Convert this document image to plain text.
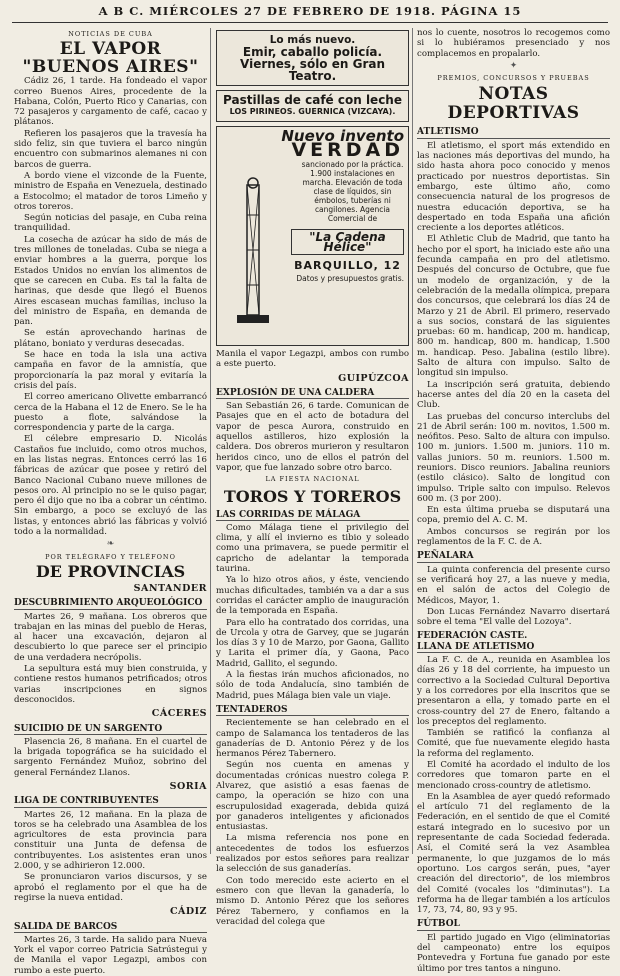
A B C. MIÉRCOLES 27 DE FEBRERO DE 1918. PÁGINA 15
NOTICIAS DE CUBA
EL VAPOR "BUENOS AIRES"

Cádiz 26, 1 tarde. Ha fondeado el vapor correo Buenos Aires, procedente de la Habana, Colón, Puerto Rico y Canarias, con 72 pasajeros y cargamento de café, cacao y plátanos.

Refieren los pasajeros que la travesía ha sido feliz, sin que tuviera el barco ningún encuentro con submarinos alemanes ni con barcos de guerra.

A bordo viene el vizconde de la Fuente, ministro de España en Venezuela, destinado a Estocolmo; el matador de toros Limeño y otros toreros.

Según noticias del pasaje, en Cuba reina tranquilidad.

La cosecha de azúcar ha sido de más de tres millones de toneladas. Cuba se niega a enviar hombres a la guerra, porque los Estados Unidos no envían los alimentos de que se carecen en Cuba. Es tal la falta de harinas, que desde que llegó el Buenos Aires escasean muchas familias, incluso la del ministro de España, en demanda de pan.

Se están aprovechando harinas de plátano, boniato y verduras desecadas.

Se hace en toda la isla una activa campaña en favor de la amnistía, que proporcionaría la paz moral y evitaría la crisis del país.

El correo americano Olivette embarrancó cerca de la Habana el 12 de Enero. Se le ha puesto a flote, salvándose la correspondencia y parte de la carga.

El célebre empresario D. Nicolás Castaños fue incluido, como otros muchos, en las listas negras. Entonces cerró las 16 fábricas de azúcar que posee y retiró del Banco Nacional Cubano nueve millones de pesos oro. Al principio no se le quiso pagar, pero él dijo que no iba a cobrar un céntimo. Sin embargo, a poco se excluyó de las listas, y entonces abrió las fábricas y volvió todo a la normalidad.

❧
POR TELÉGRAFO Y TELÉFONO
DE PROVINCIAS
SANTANDER
DESCUBRIMIENTO ARQUEOLÓGICO

Martes 26, 9 mañana. Los obreros que trabajan en las minas del pueblo de Heras, al hacer una excavación, dejaron al descubierto lo que parece ser el principio de una verdadera necrópolis.

La sepultura está muy bien construida, y contiene restos humanos petrificados; otros varias inscripciones en signos desconocidos.

CÁCERES
SUICIDIO DE UN SARGENTO

Plasencia 26, 8 mañana. En el cuartel de la brigada topográfica se ha suicidado el sargento Fernández Muñoz, sobrino del general Fernández Llanos.

SORIA
LIGA DE CONTRIBUYENTES

Martes 26, 12 mañana. En la plaza de toros se ha celebrado una Asamblea de los agricultores de esta provincia para constituir una Junta de defensa de contribuyentes. Los asistentes eran unos 2.000, y se adhirieron 12.000.

Se pronunciaron varios discursos, y se aprobó el reglamento por el que ha de regirse la nueva entidad.

CÁDIZ
SALIDA DE BARCOS

Martes 26, 3 tarde. Ha salido para Nueva York el vapor correo Patricia Satrústegui y de Manila el vapor Legazpi, ambos con rumbo a este puerto.

Lo más nuevo.
Emir, caballo policía.
Viernes, sólo en Gran Teatro.
Pastillas de café con leche
LOS PIRINEOS. GUERNICA (VIZCAYA).
Nuevo invento
VERDAD
sancionado por la práctica. 1.900 instalaciones en marcha. Elevación de toda clase de líquidos, sin émbolos, tuberías ni cangilones. Agencia Comercial de
"La Cadena Hélice"
BARQUILLO, 12
Datos y presupuestos gratis.

Manila el vapor Legazpi, ambos con rumbo a este puerto.

GUIPÚZCOA
EXPLOSIÓN DE UNA CALDERA

San Sebastián 26, 6 tarde. Comunican de Pasajes que en el acto de botadura del vapor de pesca Aurora, construido en aquellos astilleros, hizo explosión la caldera. Dos obreros murieron y resultaron heridos cinco, uno de ellos el patrón del vapor, que fue lanzado sobre otro barco.

LA FIESTA NACIONAL
TOROS Y TOREROS
LAS CORRIDAS DE MÁLAGA

Como Málaga tiene el privilegio del clima, y allí el invierno es tibio y soleado como una primavera, se puede permitir el capricho de adelantar la temporada taurina.

Ya lo hizo otros años, y éste, venciendo muchas dificultades, también va a dar a sus corridas el carácter amplio de inauguración de la temporada en España.

Para ello ha contratado dos corridas, una de Urcola y otra de Garvey, que se jugarán los días 3 y 10 de Marzo, por Gaona, Gallito y Larita el primer día, y Gaona, Paco Madrid, Gallito, el segundo.

A la fiestas irán muchos aficionados, no sólo de toda Andalucía, sino también de Madrid, pues Málaga bien vale un viaje.

TENTADEROS

Recientemente se han celebrado en el campo de Salamanca los tentaderos de las ganaderías de D. Antonio Pérez y de los hermanos Pérez Tabernero.

Según nos cuenta en amenas y documentadas crónicas nuestro colega P. Alvarez, que asistió a esas faenas de campo, la operación se hizo con una escrupulosidad exagerada, debida quizá por ganaderos inteligentes y aficionados entusiastas.

La misma referencia nos pone en antecedentes de todos los esfuerzos realizados por estos señores para realizar la selección de sus ganaderías.

Con todo merecido este acierto en el esmero con que llevan la ganadería, lo mismo D. Antonio Pérez que los señores Pérez Tabernero, y confiamos en la veracidad del colega que

nos lo cuente, nosotros lo recogemos como si lo hubiéramos presenciado y nos complacemos en propalarlo.

✦
PREMIOS, CONCURSOS Y PRUEBAS
NOTAS DEPORTIVAS
ATLETISMO

El atletismo, el sport más extendido en las naciones más deportivas del mundo, ha sido hasta ahora poco conocido y menos practicado por nuestros deportistas. Sin embargo, este último año, como consecuencia natural de los progresos de nuestra educación deportiva, se ha despertado en toda España una afición creciente a los deportes atléticos.

El Athletic Club de Madrid, que tanto ha hecho por el sport, ha iniciado este año una fecunda campaña en pro del atletismo. Después del concurso de Octubre, que fue un modelo de organización, y de la celebración de la medalla olímpica, prepara dos concursos, que celebrará los días 24 de Marzo y 21 de Abril. El primero, reservado a sus socios, constará de las siguientes pruebas: 60 m. handicap, 200 m. handicap, 800 m. handicap, 800 m. handicap, 1.500 m. handicap. Peso. Jabalina (estilo libre). Salto de altura con impulso. Salto de longitud sin impulso.

La inscripción será gratuita, debiendo hacerse antes del día 20 en la caseta del Club.

Las pruebas del concurso interclubs del 21 de Abril serán: 100 m. novitos, 1.500 m. neófitos. Peso. Salto de altura con impulso. 100 m. juniors. 1.500 m. juniors. 110 m. vallas juniors. 50 m. reuniors. 1.500 m. reuniors. Disco reuniors. Jabalina reuniors (estilo clásico). Salto de longitud con impulso. Triple salto con impulso. Relevos 600 m. (3 por 200).

En esta última prueba se disputará una copa, premio del A. C. M.

Ambos concursos se regirán por los reglamentos de la F. C. de A.

PEÑALARA

La quinta conferencia del presente curso se verificará hoy 27, a las nueve y media, en el salón de actos del Colegio de Médicos, Mayor, 1.

Don Lucas Fernández Navarro disertará sobre el tema "El valle del Lozoya".

FEDERACIÓN CASTE.
LLANA DE ATLETISMO

La F. C. de A., reunida en Asamblea los días 26 y 18 del corriente, ha impuesto un correctivo a la Sociedad Cultural Deportiva y a los corredores por ella inscritos que se presentaron a ella, y tomado parte en el cross-country del 27 de Enero, faltando a los preceptos del reglamento.

También se ratificó la confianza al Comité, que fue nuevamente elegido hasta la reforma del reglamento.

El Comité ha acordado el indulto de los corredores que tomaron parte en el mencionado cross-country de atletismo.

En la Asamblea de ayer quedó reformado el artículo 71 del reglamento de la Federación, en el sentido de que el Comité estará integrado en lo sucesivo por un representante de cada Sociedad federada. Así, el Comité será la vez Asamblea permanente, lo que juzgamos de lo más oportuno. Los cargos serán, pues, "ayer creación del directorio", de los miembros del Comité (vocales los "diminutas"). La reforma ha de llegar también a los artículos 17, 73, 74, 80, 93 y 95.

FÚTBOL

El partido jugado en Vigo (eliminatorias del campeonato) entre los equipos Pontevedra y Fortuna fue ganado por este último por tres tantos a ninguno.
